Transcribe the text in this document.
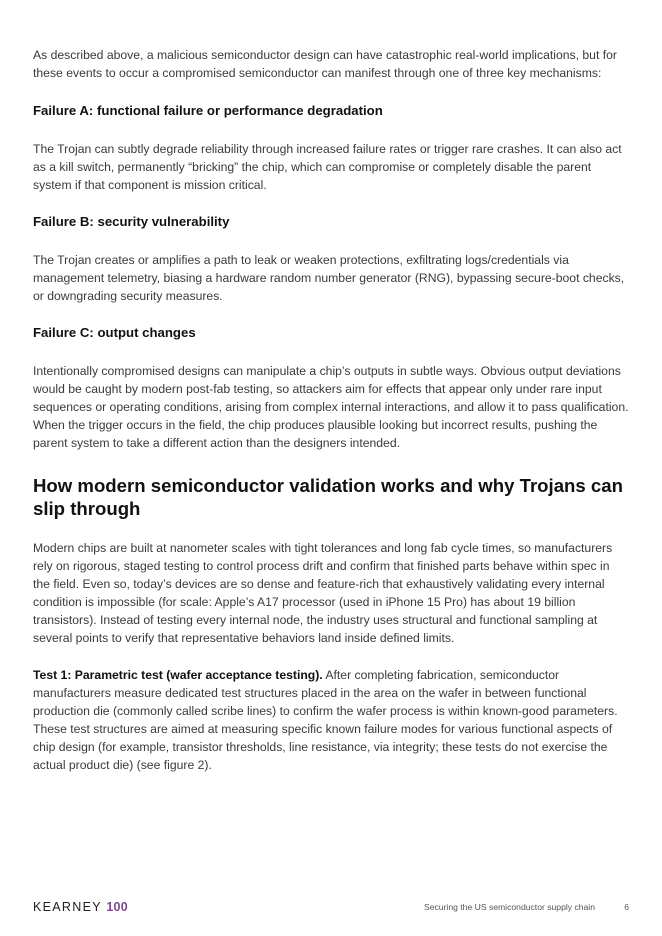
As described above, a malicious semiconductor design can have catastrophic real-world implications, but for these events to occur a compromised semiconductor can manifest through one of three key mechanisms:

Failure A: functional failure or performance degradation

The Trojan can subtly degrade reliability through increased failure rates or trigger rare crashes. It can also act as a kill switch, permanently “bricking” the chip, which can compromise or completely disable the parent system if that component is mission critical.

Failure B: security vulnerability

The Trojan creates or amplifies a path to leak or weaken protections, exfiltrating logs/credentials via management telemetry, biasing a hardware random number generator (RNG), bypassing secure-boot checks, or downgrading security measures.

Failure C: output changes

Intentionally compromised designs can manipulate a chip’s outputs in subtle ways. Obvious output deviations would be caught by modern post-fab testing, so attackers aim for effects that appear only under rare input sequences or operating conditions, arising from complex internal interactions, and allow it to pass qualification. When the trigger occurs in the field, the chip produces plausible looking but incorrect results, pushing the parent system to take a different action than the designers intended.

How modern semiconductor validation works and why Trojans can slip through

Modern chips are built at nanometer scales with tight tolerances and long fab cycle times, so manufacturers rely on rigorous, staged testing to control process drift and confirm that finished parts behave within spec in the field. Even so, today’s devices are so dense and feature-rich that exhaustively validating every internal condition is impossible (for scale: Apple’s A17 processor (used in iPhone 15 Pro) has about 19 billion transistors). Instead of testing every internal node, the industry uses structural and functional sampling at several points to verify that representative behaviors land inside defined limits.

Test 1: Parametric test (wafer acceptance testing). After completing fabrication, semiconductor manufacturers measure dedicated test structures placed in the area on the wafer in between functional production die (commonly called scribe lines) to confirm the wafer process is within known-good parameters. These test structures are aimed at measuring specific known failure modes for various functional aspects of chip design (for example, transistor thresholds, line resistance, via integrity; these tests do not exercise the actual product die) (see figure 2).

KEARNEY 100	Securing the US semiconductor supply chain	6
